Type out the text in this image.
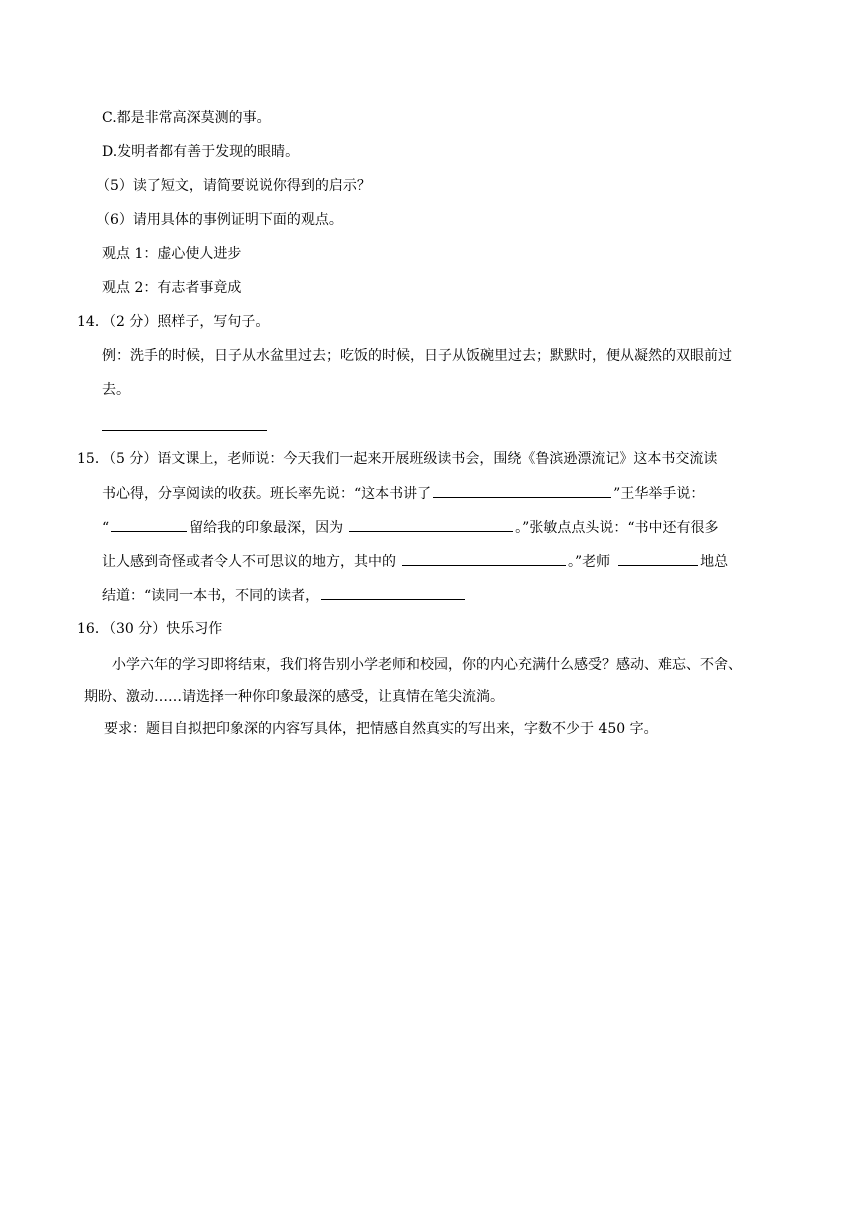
C.都是非常高深莫测的事。
D.发明者都有善于发现的眼睛。
（5）读了短文，请简要说说你得到的启示？
（6）请用具体的事例证明下面的观点。
观点 1：虚心使人进步
观点 2：有志者事竟成
14．
（2 分）照样子，写句子。
例：洗手的时候，日子从水盆里过去；吃饭的时候，日子从饭碗里过去；默默时，便从凝然的双眼前过
去。
15．
（5 分）语文课上，老师说：今天我们一起来开展班级读书会，围绕《鲁滨逊漂流记》这本书交流读
书心得，分享阅读的收获。班长率先说：“这本书讲了	”王华举手说：
“	留给我的印象最深，因为	。”张敏点点头说：“书中还有很多
让人感到奇怪或者令人不可思议的地方，其中的	。”老师	地总
结道：“读同一本书，不同的读者，
16．
（30 分）快乐习作
小学六年的学习即将结束，我们将告别小学老师和校园，你的内心充满什么感受？感动、难忘、不舍、
期盼、激动……请选择一种你印象最深的感受，让真情在笔尖流淌。
要求：题目自拟把印象深的内容写具体，把情感自然真实的写出来，字数不少于 450 字。
